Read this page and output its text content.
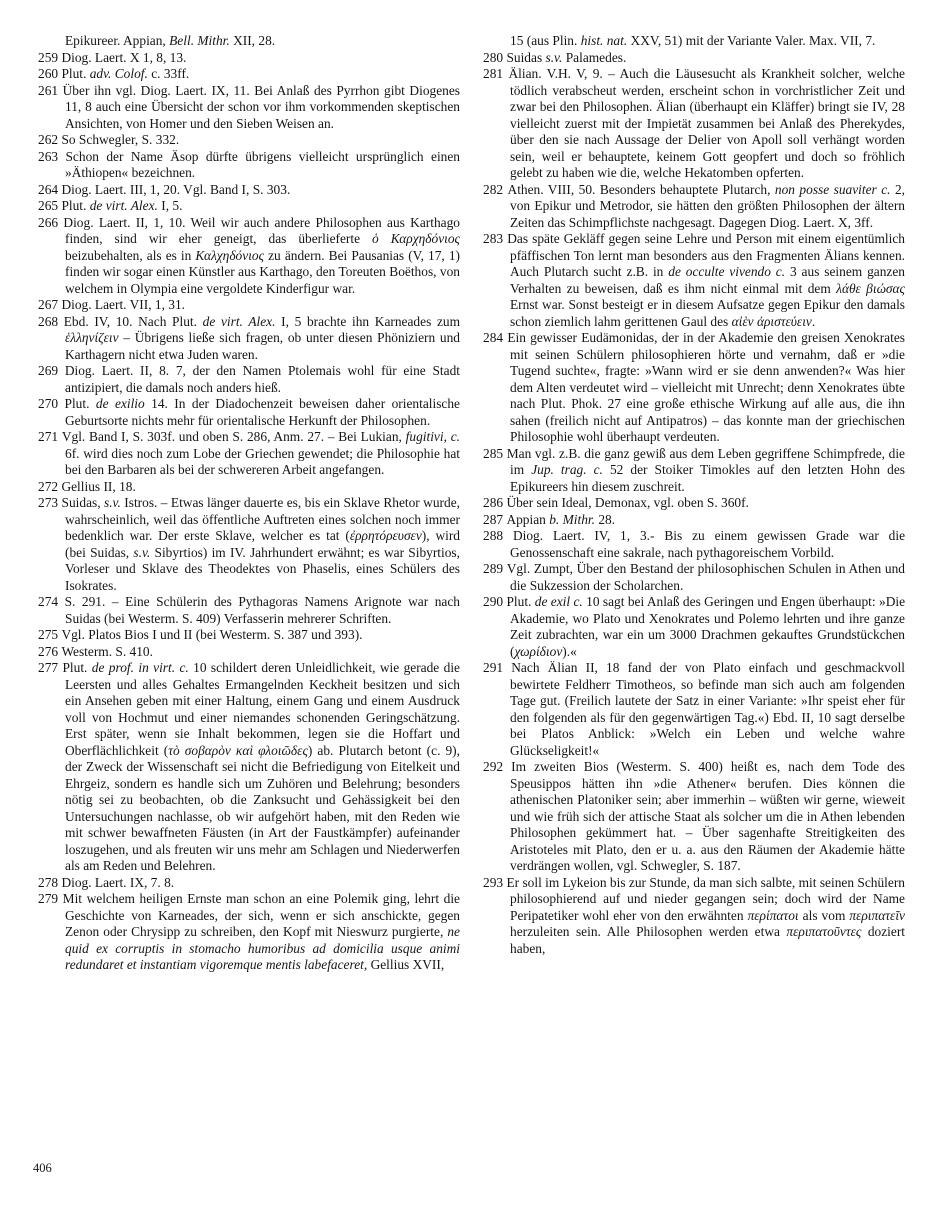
Epikureer. Appian, Bell. Mithr. XII, 28.

259 Diog. Laert. X 1, 8, 13.

260 Plut. adv. Colof. c. 33ff.

261 Über ihn vgl. Diog. Laert. IX, 11. Bei Anlaß des Pyrrhon gibt Diogenes 11, 8 auch eine Übersicht der schon vor ihm vorkommenden skeptischen Ansichten, von Homer und den Sieben Weisen an.

262 So Schwegler, S. 332.

263 Schon der Name Äsop dürfte übrigens vielleicht ursprünglich einen »Äthiopen« bezeichnen.

264 Diog. Laert. III, 1, 20. Vgl. Band I, S. 303.

265 Plut. de virt. Alex. I, 5.

266 Diog. Laert. II, 1, 10. Weil wir auch andere Philosophen aus Karthago finden, sind wir eher geneigt, das überlieferte ὁ Καρχηδόνιος beizubehalten, als es in Καλχηδόνιος zu ändern. Bei Pausanias (V, 17, 1) finden wir sogar einen Künstler aus Karthago, den Toreuten Boëthos, von welchem in Olympia eine vergoldete Kinderfigur war.

267 Diog. Laert. VII, 1, 31.

268 Ebd. IV, 10. Nach Plut. de virt. Alex. I, 5 brachte ihn Karneades zum ἑλληνίζειν – Übrigens ließe sich fragen, ob unter diesen Phöniziern und Karthagern nicht etwa Juden waren.

269 Diog. Laert. II, 8. 7, der den Namen Ptolemais wohl für eine Stadt antizipiert, die damals noch anders hieß.

270 Plut. de exilio 14. In der Diadochenzeit beweisen daher orientalische Geburtsorte nichts mehr für orientalische Herkunft der Philosophen.

271 Vgl. Band I, S. 303f. und oben S. 286, Anm. 27. – Bei Lukian, fugitivi, c. 6f. wird dies noch zum Lobe der Griechen gewendet; die Philosophie hat bei den Barbaren als bei der schwereren Arbeit angefangen.

272 Gellius II, 18.

273 Suidas, s.v. Istros. – Etwas länger dauerte es, bis ein Sklave Rhetor wurde, wahrscheinlich, weil das öffentliche Auftreten eines solchen noch immer bedenklich war. Der erste Sklave, welcher es tat (ἐρρητόρευσεν), wird (bei Suidas, s.v. Sibyrtios) im IV. Jahrhundert erwähnt; es war Sibyrtios, Vorleser und Sklave des Theodektes von Phaselis, eines Schülers des Isokrates.

274 S. 291. – Eine Schülerin des Pythagoras Namens Arignote war nach Suidas (bei Westerm. S. 409) Verfasserin mehrerer Schriften.

275 Vgl. Platos Bios I und II (bei Westerm. S. 387 und 393).

276 Westerm. S. 410.

277 Plut. de prof. in virt. c. 10 schildert deren Unleidlichkeit, wie gerade die Leersten und alles Gehaltes Ermangelnden Keckheit besitzen und sich ein Ansehen geben mit einer Haltung, einem Gang und einem Ausdruck voll von Hochmut und einer niemandes schonenden Geringschätzung. Erst später, wenn sie Inhalt bekommen, legen sie die Hoffart und Oberflächlichkeit (τὸ σοβαρὸν καὶ φλοιῶδες) ab. Plutarch betont (c. 9), der Zweck der Wissenschaft sei nicht die Befriedigung von Eitelkeit und Ehrgeiz, sondern es handle sich um Zuhören und Belehrung; besonders nötig sei zu beobachten, ob die Zanksucht und Gehässigkeit bei den Untersuchungen nachlasse, ob wir aufgehört haben, mit den Reden wie mit schwer bewaffneten Fäusten (in Art der Faustkämpfer) aufeinander loszugehen, und als freuten wir uns mehr am Schlagen und Niederwerfen als am Reden und Belehren.

278 Diog. Laert. IX, 7. 8.

279 Mit welchem heiligen Ernste man schon an eine Polemik ging, lehrt die Geschichte von Karneades, der sich, wenn er sich anschickte, gegen Zenon oder Chrysipp zu schreiben, den Kopf mit Nieswurz purgierte, ne quid ex corruptis in stomacho humoribus ad domicilia usque animi redundaret et instantiam vigoremque mentis labefaceret, Gellius XVII,

15 (aus Plin. hist. nat. XXV, 51) mit der Variante Valer. Max. VII, 7.

280 Suidas s.v. Palamedes.

281 Älian. V.H. V, 9. – Auch die Läusesucht als Krankheit solcher, welche tödlich verabscheut werden, erscheint schon in vorchristlicher Zeit und zwar bei den Philosophen. Älian (überhaupt ein Kläffer) bringt sie IV, 28 vielleicht zuerst mit der Impietät zusammen bei Anlaß des Pherekydes, über den sie nach Aussage der Delier von Apoll soll verhängt worden sein, weil er behauptete, keinem Gott geopfert und doch so fröhlich gelebt zu haben wie die, welche Hekatomben opferten.

282 Athen. VIII, 50. Besonders behauptete Plutarch, non posse suaviter c. 2, von Epikur und Metrodor, sie hätten den größten Philosophen der ältern Zeiten das Schimpflichste nachgesagt. Dagegen Diog. Laert. X, 3ff.

283 Das späte Gekläff gegen seine Lehre und Person mit einem eigentümlich pfäffischen Ton lernt man besonders aus den Fragmenten Älians kennen. Auch Plutarch sucht z.B. in de occulte vivendo c. 3 aus seinem ganzen Verhalten zu beweisen, daß es ihm nicht einmal mit dem λάθε βιώσας Ernst war. Sonst besteigt er in diesem Aufsatze gegen Epikur den damals schon ziemlich lahm gerittenen Gaul des αἰὲν ἀριστεύειν.

284 Ein gewisser Eudämonidas, der in der Akademie den greisen Xenokrates mit seinen Schülern philosophieren hörte und vernahm, daß er »die Tugend suchte«, fragte: »Wann wird er sie denn anwenden?« Was hier dem Alten verdeutet wird – vielleicht mit Unrecht; denn Xenokrates übte nach Plut. Phok. 27 eine große ethische Wirkung auf alle aus, die ihn sahen (freilich nicht auf Antipatros) – das konnte man der griechischen Philosophie wohl überhaupt verdeuten.

285 Man vgl. z.B. die ganz gewiß aus dem Leben gegriffene Schimpfrede, die im Jup. trag. c. 52 der Stoiker Timokles auf den letzten Hohn des Epikureers hin diesem zuschreit.

286 Über sein Ideal, Demonax, vgl. oben S. 360f.

287 Appian b. Mithr. 28.

288 Diog. Laert. IV, 1, 3.- Bis zu einem gewissen Grade war die Genossenschaft eine sakrale, nach pythagoreischem Vorbild.

289 Vgl. Zumpt, Über den Bestand der philosophischen Schulen in Athen und die Sukzession der Scholarchen.

290 Plut. de exil c. 10 sagt bei Anlaß des Geringen und Engen überhaupt: »Die Akademie, wo Plato und Xenokrates und Polemo lehrten und ihre ganze Zeit zubrachten, war ein um 3000 Drachmen gekauftes Grundstückchen (χωρίδιον).«

291 Nach Älian II, 18 fand der von Plato einfach und geschmackvoll bewirtete Feldherr Timotheos, so befinde man sich auch am folgenden Tage gut. (Freilich lautete der Satz in einer Variante: »Ihr speist eher für den folgenden als für den gegenwärtigen Tag.«) Ebd. II, 10 sagt derselbe bei Platos Anblick: »Welch ein Leben und welche wahre Glückseligkeit!«

292 Im zweiten Bios (Westerm. S. 400) heißt es, nach dem Tode des Speusippos hätten ihn »die Athener« berufen. Dies können die athenischen Platoniker sein; aber immerhin – wüßten wir gerne, wieweit und wie früh sich der attische Staat als solcher um die in Athen lebenden Philosophen gekümmert hat. – Über sagenhafte Streitigkeiten des Aristoteles mit Plato, den er u. a. aus den Räumen der Akademie hätte verdrängen wollen, vgl. Schwegler, S. 187.

293 Er soll im Lykeion bis zur Stunde, da man sich salbte, mit seinen Schülern philosophierend auf und nieder gegangen sein; doch wird der Name Peripatetiker wohl eher von den erwähnten περίπατοι als vom περιπατεῖν herzuleiten sein. Alle Philosophen werden etwa περιπατοῦντες doziert haben,

406
